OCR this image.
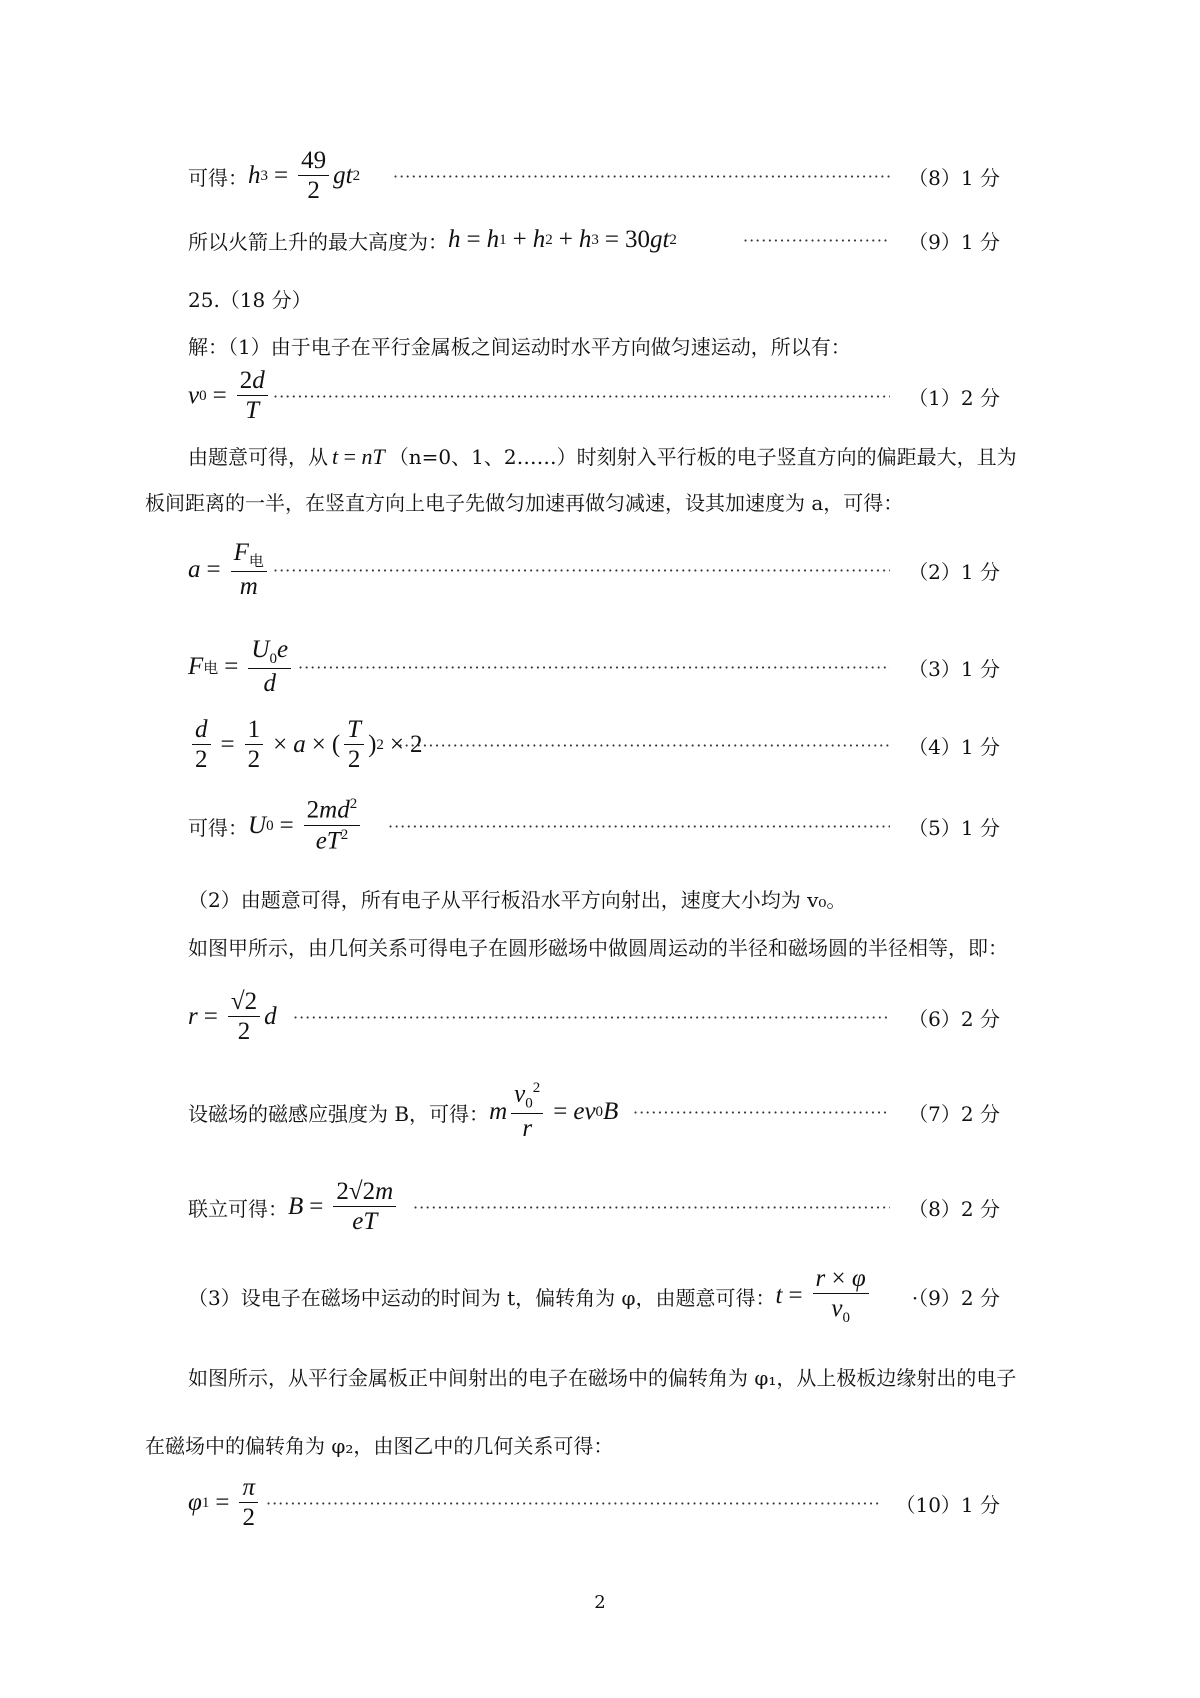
可得： h $3 = \frac{49}{2}$ gt 2 ·····	（8）1 分
所以火箭上升的最大高度为： h = h 1 + h 2 + h 3 = 30 gt 2 ·····	（9）1 分
25.（18 分）
解：（1）由于电子在平行金属板之间运动时水平方向做匀速运动，所以有：
v $0 = \frac{2d}{T}$ ·····	（1）2 分
由题意可得，从 t = nT （n=0、1、2……）时刻射入平行板的电子竖直方向的偏距最大，且为
板间距离的一半，在竖直方向上电子先做匀加速再做匀减速，设其加速度为 a，可得：
$a = \frac{F_电}{m}$ ·····	（2）1 分
F 电 = $\frac{U_0e}{d}$ ·····	（3）1 分
$\frac{d}{2} = \frac{1}{2} \times a$ × ( $\frac{T}{2}$ ) 2 × 2 ·····	（4）1 分
可得： U $0 = \frac{2md^2}{eT^2}$ ·····	（5）1 分
（2）由题意可得，所有电子从平行板沿水平方向射出，速度大小均为 v₀。
如图甲所示，由几何关系可得电子在圆形磁场中做圆周运动的半径和磁场圆的半径相等，即：
$r = \frac{√2}{2}$ d ·····	（6）2 分
设磁场的磁感应强度为 B，可得： m $\frac{v_0^2}{r}$ = ev 0 B ·····	（7）2 分
联立可得： $B = \frac{2√2m}{eT}$ ·····	（8）2 分
（3）设电子在磁场中运动的时间为 t，偏转角为 φ，由题意可得： $t = \frac{r \times \varphi}{v_0} \cdot(9)2$ 分
如图所示，从平行金属板正中间射出的电子在磁场中的偏转角为 φ₁，从上极板边缘射出的电子
在磁场中的偏转角为 φ₂，由图乙中的几何关系可得：
φ $1 = \frac{\pi}{2}$ ·····	（10）1 分
2
